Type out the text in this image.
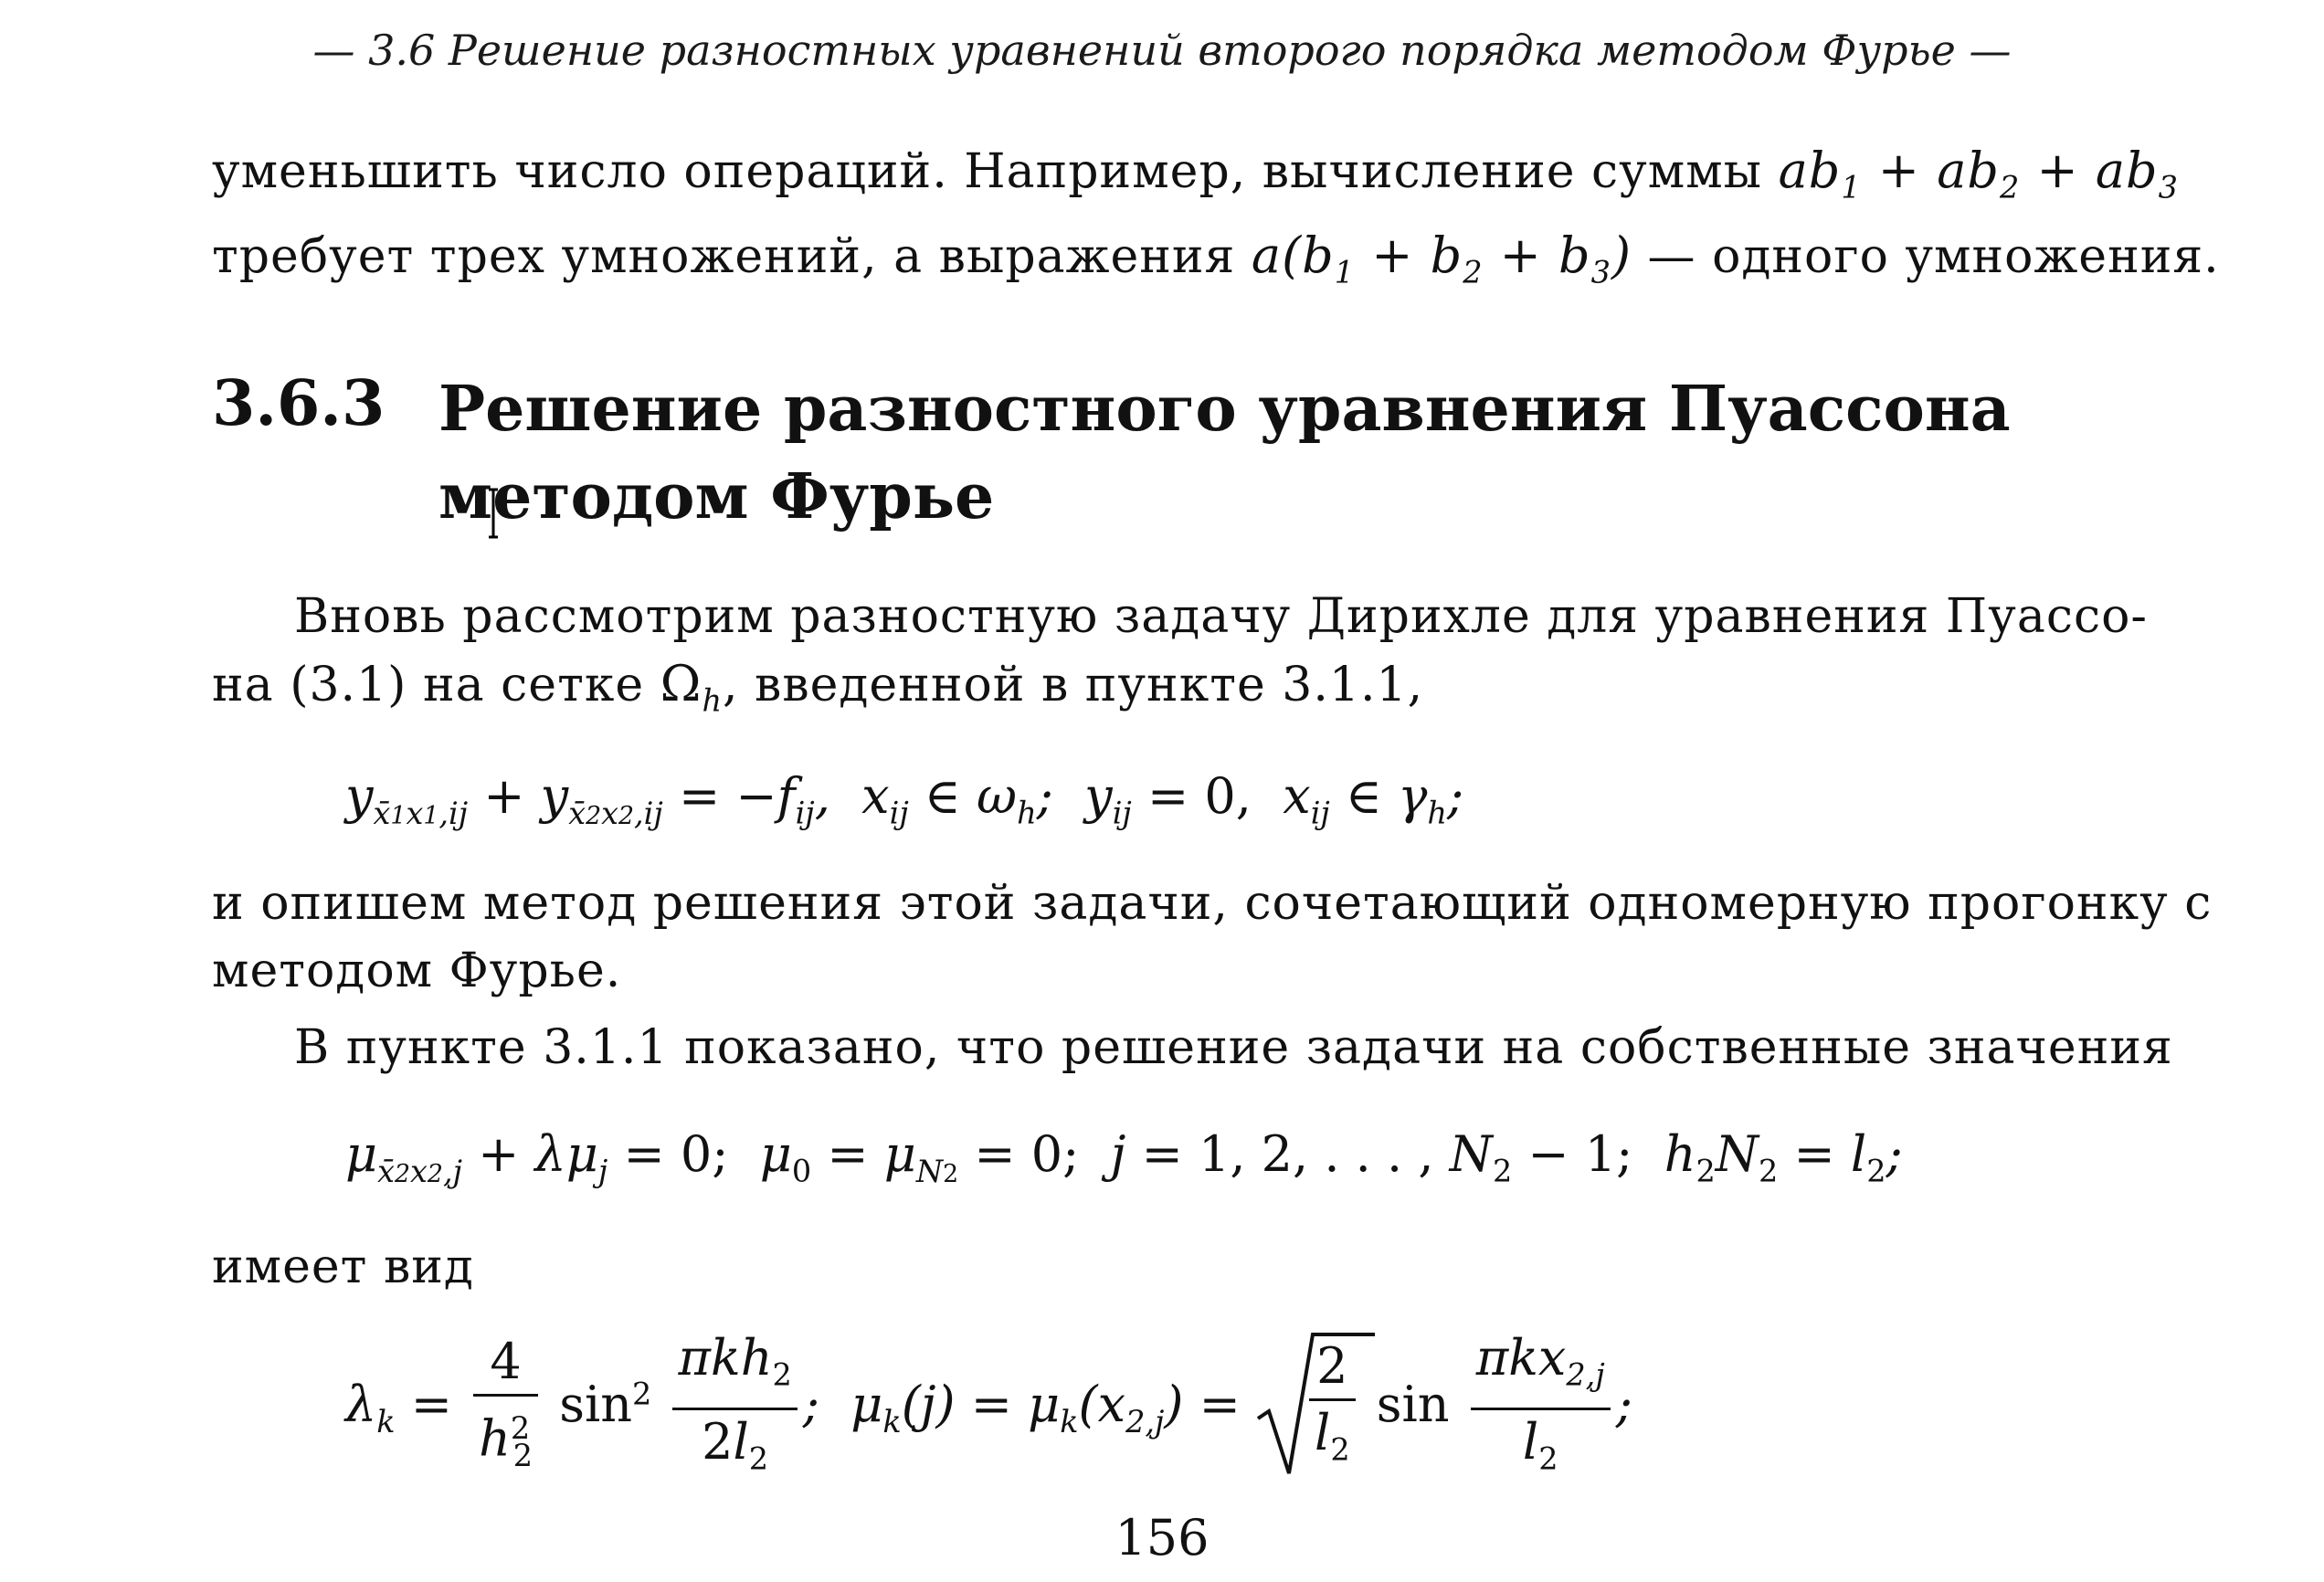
— 3.6 Решение разностных уравнений второго порядка методом Фурье —
уменьшить число операций. Например, вычисление суммы $ab_1 + ab_2 + ab_3$
требует трех умножений, а выражения $a(b_1 + b_2 + b_3)$ — одного умножения.
3.6.3 Решение разностного уравнения Пуассона
методом Фурье
Вновь рассмотрим разностную задачу Дирихле для уравнения Пуассо-
на (3.1) на сетке $\Omega_h$, введенной в пункте 3.1.1,
$y_{x̄1x1,ij} + y_{x̄2x2,ij} = -f_{ij}$,  $x_{ij}$ ∈ $\omega_h$;  $y_{ij} = 0$,  $x_{ij}$ ∈ $\gamma_h$;
и опишем метод решения этой задачи, сочетающий одномерную прогонку с
методом Фурье.
В пункте 3.1.1 показано, что решение задачи на собственные значения
$\mu_{x̄2x2,j} + \lambda\mu_j = 0$;  $\mu_0 = \mu_{N2} = 0$;  j = 1, 2, . . . , $N_2 - 1$;  $h_2N_2 = l_2$;
имеет вид
$\lambda_k = \frac{4}{h^2_2} \sin^2 \frac{\pi kh_2}{2l_2}$ ;  $\mu_k(j) = \mu_k(x_{2,j}) = \frac{2}{l_2}$ $\sin \frac{\pi kx_{2,j}}{l_2}$ ;
156
